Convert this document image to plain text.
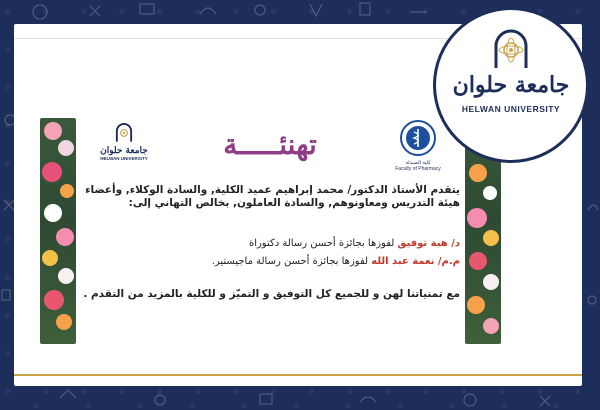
جامعة حلوان
HELWAN UNIVERSITY
جامعة حلوان
HELWAN UNIVERSITY
كلية الصيدلة
Faculty of Pharmacy
تهنئـــــة
يتقدم الأستاذ الدكتور/ محمد إبراهيم عميد الكلية, والسادة الوكلاء, وأعضاء هيئة التدريس ومعاونوهم, والسادة العاملون, بخالص التهاني إلى:
د/ هبة توفيق لفوزها بجائزة أحسن رسالة دكتوراة
م.م/ نعمة عبد الله لفوزها بجائزة أحسن رسالة ماجيستير.
مع تمنياتنا لهن و للجميع كل التوفيق و التميّز و للكلية بالمزيد من التقدم .
